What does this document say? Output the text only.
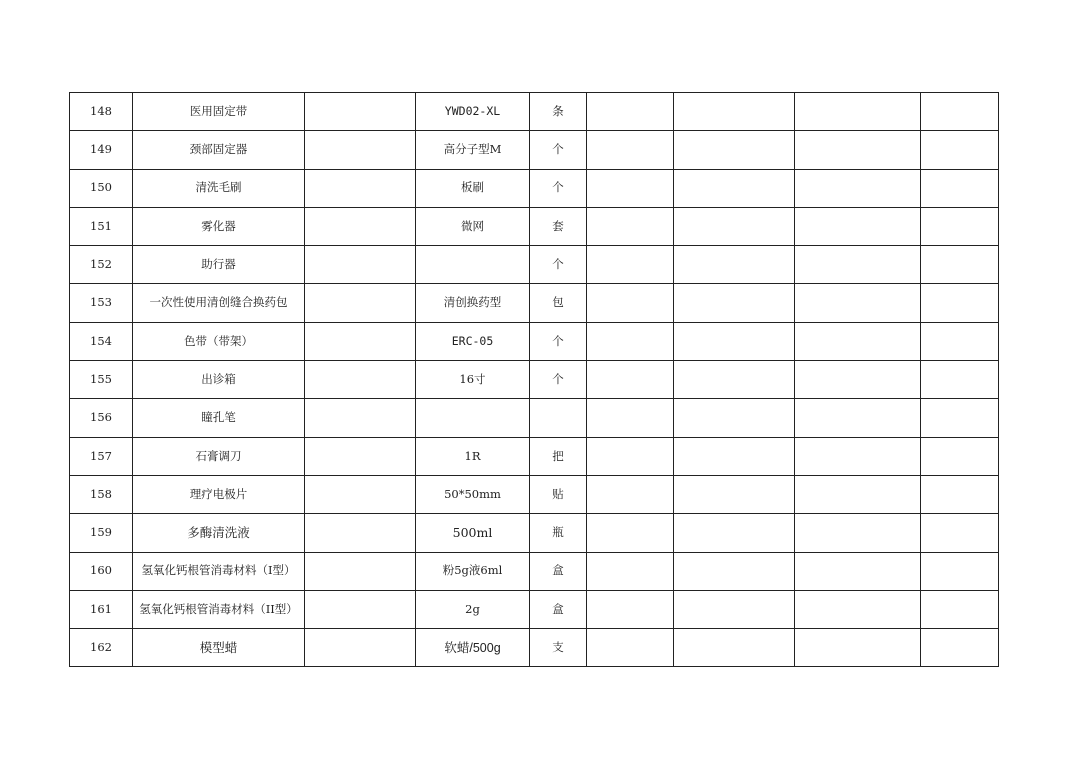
148	医用固定带		YWD02-XL	条				
149	颈部固定器		高分子型M	个				
150	清洗毛刷		板刷	个				
151	雾化器		微网	套				
152	助行器			个				
153	一次性使用清创缝合换药包		清创换药型	包				
154	色带（带架）		ERC-05	个				
155	出诊箱		16寸	个				
156	瞳孔笔							
157	石膏调刀		1R	把				
158	理疗电极片		50*50mm	贴				
159	多酶清洗液		500ml	瓶				
160	氢氧化钙根管消毒材料（I型）		粉5g液6ml	盒				
161	氢氧化钙根管消毒材料（II型）		2g	盒				
162	模型蜡		软蜡/500g	支				
